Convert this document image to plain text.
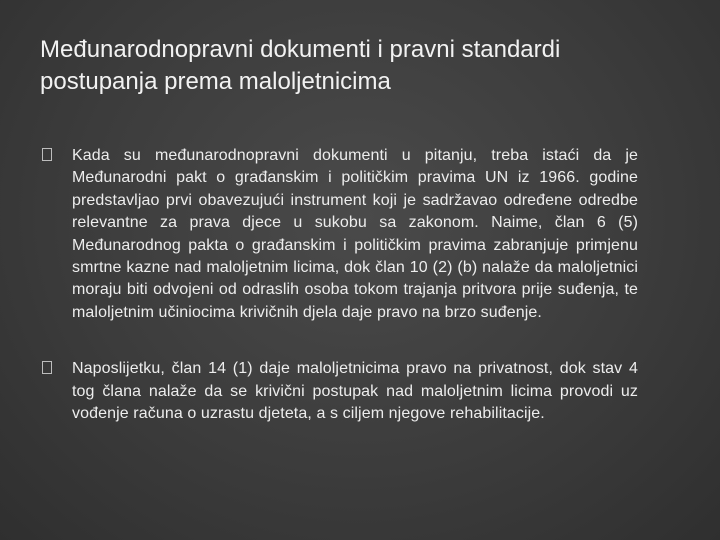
Međunarodnopravni dokumenti i pravni standardi postupanja prema maloljetnicima
Kada su međunarodnopravni dokumenti u pitanju, treba istaći da je Međunarodni pakt o građanskim i političkim pravima UN iz 1966. godine predstavljao prvi obavezujući instrument koji je sadržavao određene odredbe relevantne za prava djece u sukobu sa zakonom. Naime, član 6 (5) Međunarodnog pakta o građanskim i političkim pravima zabranjuje primjenu smrtne kazne nad maloljetnim licima, dok član 10 (2) (b) nalaže da maloljetnici moraju biti odvojeni od odraslih osoba tokom trajanja pritvora prije suđenja, te maloljetnim učiniocima krivičnih djela daje pravo na brzo suđenje.
Naposlijetku, član 14 (1) daje maloljetnicima pravo na privatnost, dok stav 4 tog člana nalaže da se krivični postupak nad maloljetnim licima provodi uz vođenje računa o uzrastu djeteta, a s ciljem njegove rehabilitacije.
